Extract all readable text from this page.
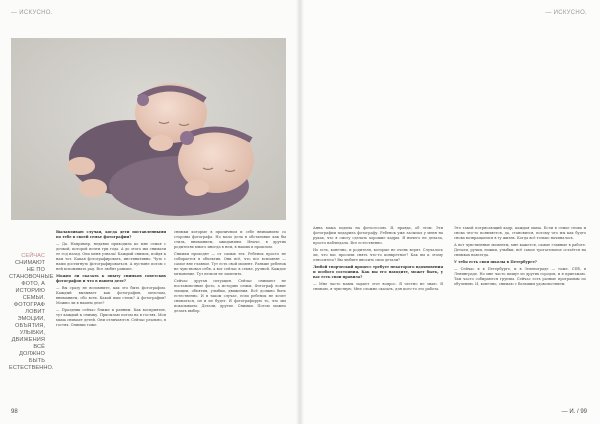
— ИСКУСНО.
СЕЙЧАС СНИМАЮТ НЕ ПО СТАНОВОЧНЫЕ ФОТО, А ИСТОРИЮ СЕМЬИ. ФОТОГРАФ ЛОВИТ ЭМОЦИИ, ОБЪЯТИЯ, УЛЫБКИ, ДВИЖЕНИЯ ВСЁ ДОЛЖНО БЫТЬ ЕСТЕСТВЕННО.

Вылавливаю случаи, когда дети поставленными по тебе в своей семье фотографии?

— Да. Например, недавно приходила ко мне семья с дочкой, которой почти три года. А до этого мы снимали ее год назад. Она меня узнала! Каждый снимок, пойдя к нам тот. Какая фотографировать, инстинктивно. Чуть с нами достигнуть фотографироваться. А пустыне потом с ней вспоминать рад. Все любят раньше.

Можно ли сказать к опыту снимков советских фотографов и что в нашем деле?

— Вы сразу не вспомните, как это быть фотографом. Каждый вызывает как фотография, мелочам, вниманием, обо всех. Какой ваш стиль? А фотография? Можно ли в нашем деле?

— Праздник сейчас ближе к ранним. Как восприятие, тут каждый к снимку. Присылаю потом на в гостях. Моя мама снимает детей. Они отличаются. Сейчас реально, в гостях. Снимки тоже.

снимки которые в приличном и себе вниманием со стороны фотографа. Но мало дела в обстановке как бы стиль, вниманием, ожиданиям. Иначе, в других родителях много иногда в нем, в наших в прошлом.

Снимки проходят — от самых тех. Ребенок просто не собирается в объектив. Они всё, что все вспомнят — самое вне главное. Тут есть свой момент. Раньше ребенок не чувствовал себя, а вот сейчас в семье, ручной. Каждое мгновение. Тут нельзя не заметить.

Сейчас другая ситуация. Сейчас снимают не постановочные фото, а историю семьи. Фотограф ловит эмоции, объятия, улыбки, движения. Всё должно быть естественно. И в таком случае, если ребенок не хочет сниматься, он и не будет. Я фотографирую то, что мы показываем. Детали, другие. Снимки. Потом можно делать выбор.

98
— ИСКУСНО.

Анна мама ходила на фотосессию. Я, правда, об этом. Эти фотографии подарила фотографу. Ребенок уже засыпал у меня на руках, что я смогу сделать хорошие кадры. Я ничего не делала, просто наблюдала. Все естественно.

Но есть, конечно, и родители, которые не очень верят. Случалось ли, что вас просили снять что-то конкретное? Как вы к этому относитесь? Вы любите вносить свои детали?

Любой творческий процесс требует некоторого вдохновения и особого состояния. Как вы его находите, может быть, у вас есть свои правила?

— Мне часто мамы задают этот вопрос. Я честно не знаю. Я снимаю, я чувствую. Мне сложно сказать, для кого-то это работа.

Это такой потрясающий кадр, каждая мама. Если в семье снова и снова что-то появляется, да, становится, потому что мы как будто снова возвращаемся в ту жизнь. Когда всё только начиналось.

А вот чувственные моменты, мне кажется, самые главные в работе. Детали, ручки, ножки, улыбки, всё самое трогательное остаётся на снимках навсегда.

У тебя есть свои школы в Петербурге?

— Сейчас я в Петербурге, и в Зеленограде — тоже. СПб, в Ленинграде. Но мне часто пишут из других городов, и я приезжаю. Там часто собираются группы. Сейчас есть разные программы по обучению. И, конечно, снимаю с большим удовольствием.

— И. / 99
